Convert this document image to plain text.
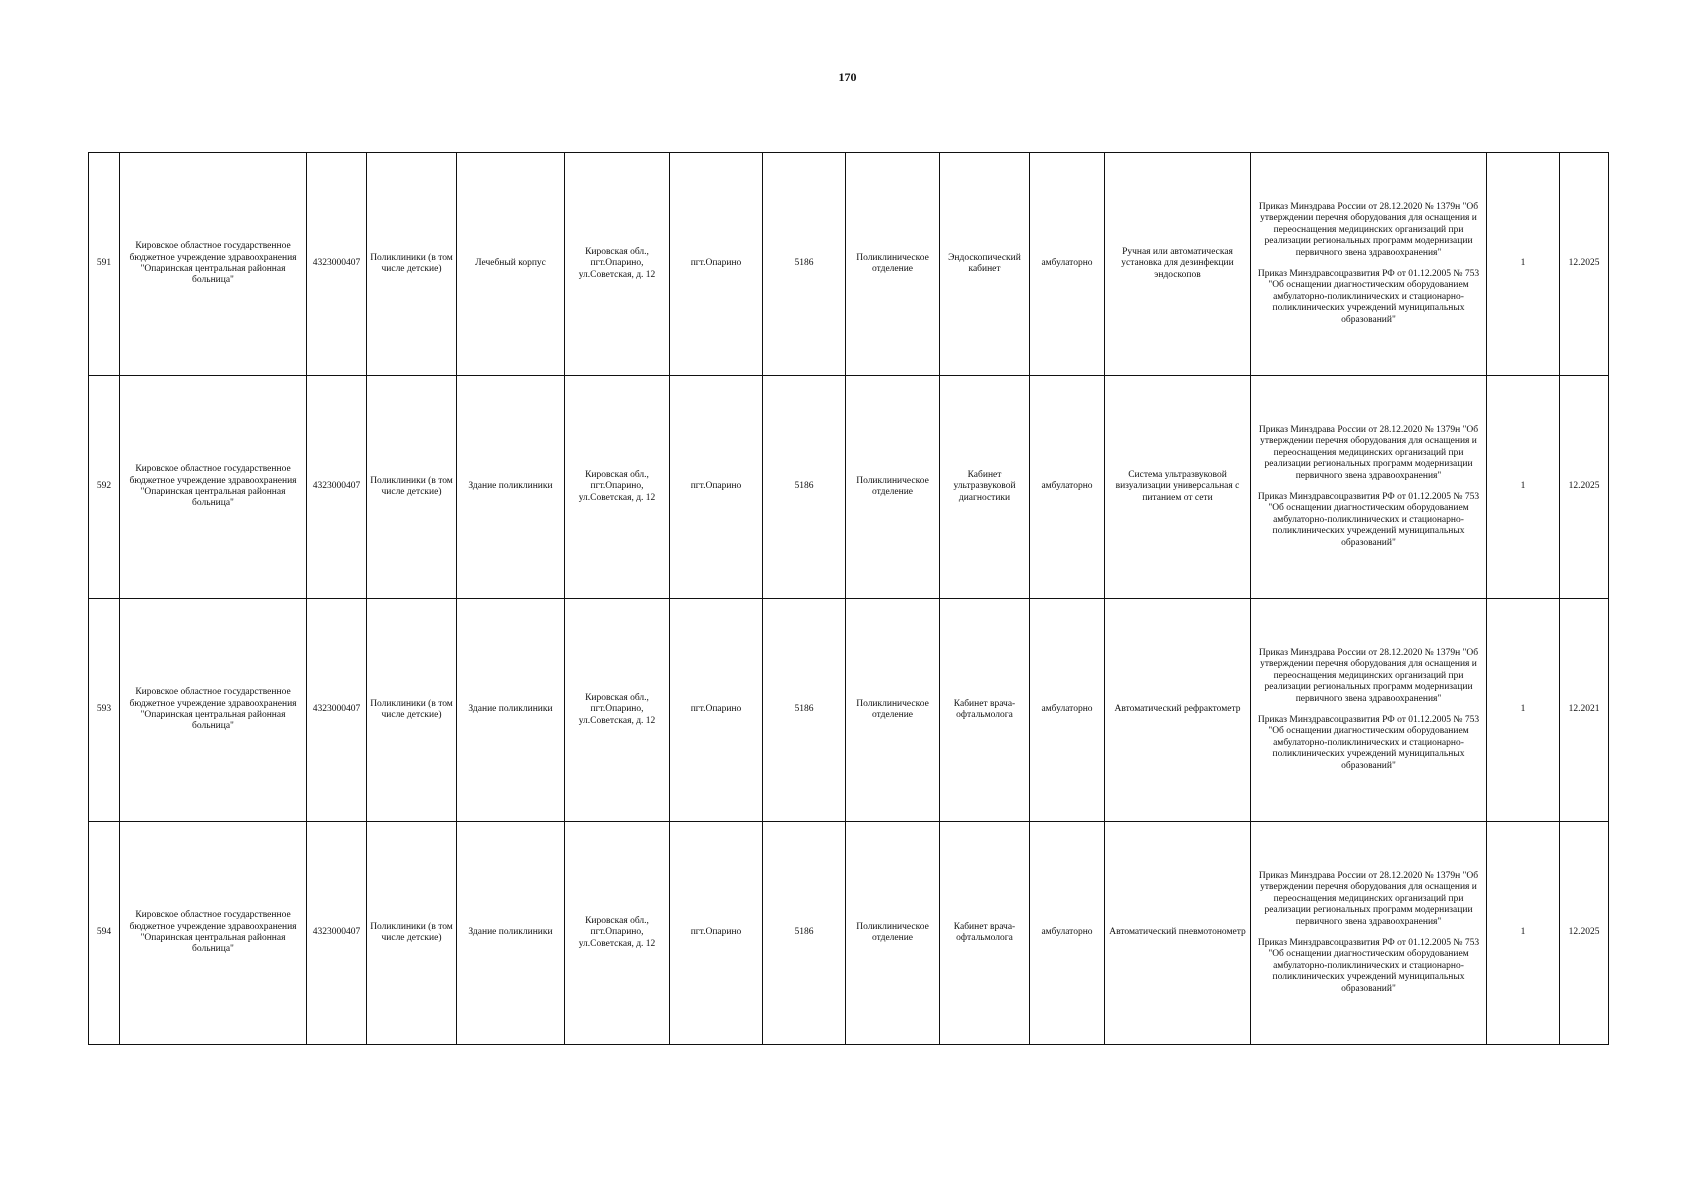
170
591	Кировское областное государственное бюджетное учреждение здравоохранения "Опаринская центральная районная больница"	4323000407	Поликлиники (в том числе детские)	Лечебный корпус	Кировская обл., пгт.Опарино, ул.Советская, д. 12	пгт.Опарино	5186	Поликлиническое отделение	Эндоскопический кабинет	амбулаторно	Ручная или автоматическая установка для дезинфекции эндоскопов	Приказ Минздрава России от 28.12.2020 № 1379н "Об утверждении перечня оборудования для оснащения и переоснащения медицинских организаций при реализации региональных программ модернизации первичного звена здравоохранения"
Приказ Минздравсоцразвития РФ от 01.12.2005 № 753 "Об оснащении диагностическим оборудованием амбулаторно-поликлинических и стационарно-поликлинических учреждений муниципальных образований"	1	12.2025
592	Кировское областное государственное бюджетное учреждение здравоохранения "Опаринская центральная районная больница"	4323000407	Поликлиники (в том числе детские)	Здание поликлиники	Кировская обл., пгт.Опарино, ул.Советская, д. 12	пгт.Опарино	5186	Поликлиническое отделение	Кабинет ультразвуковой диагностики	амбулаторно	Система ультразвуковой визуализации универсальная с питанием от сети	Приказ Минздрава России от 28.12.2020 № 1379н "Об утверждении перечня оборудования для оснащения и переоснащения медицинских организаций при реализации региональных программ модернизации первичного звена здравоохранения"
Приказ Минздравсоцразвития РФ от 01.12.2005 № 753 "Об оснащении диагностическим оборудованием амбулаторно-поликлинических и стационарно-поликлинических учреждений муниципальных образований"	1	12.2025
593	Кировское областное государственное бюджетное учреждение здравоохранения "Опаринская центральная районная больница"	4323000407	Поликлиники (в том числе детские)	Здание поликлиники	Кировская обл., пгт.Опарино, ул.Советская, д. 12	пгт.Опарино	5186	Поликлиническое отделение	Кабинет врача-офтальмолога	амбулаторно	Автоматический рефрактометр	Приказ Минздрава России от 28.12.2020 № 1379н "Об утверждении перечня оборудования для оснащения и переоснащения медицинских организаций при реализации региональных программ модернизации первичного звена здравоохранения"
Приказ Минздравсоцразвития РФ от 01.12.2005 № 753 "Об оснащении диагностическим оборудованием амбулаторно-поликлинических и стационарно-поликлинических учреждений муниципальных образований"	1	12.2021
594	Кировское областное государственное бюджетное учреждение здравоохранения "Опаринская центральная районная больница"	4323000407	Поликлиники (в том числе детские)	Здание поликлиники	Кировская обл., пгт.Опарино, ул.Советская, д. 12	пгт.Опарино	5186	Поликлиническое отделение	Кабинет врача-офтальмолога	амбулаторно	Автоматический пневмотонометр	Приказ Минздрава России от 28.12.2020 № 1379н "Об утверждении перечня оборудования для оснащения и переоснащения медицинских организаций при реализации региональных программ модернизации первичного звена здравоохранения"
Приказ Минздравсоцразвития РФ от 01.12.2005 № 753 "Об оснащении диагностическим оборудованием амбулаторно-поликлинических и стационарно-поликлинических учреждений муниципальных образований"	1	12.2025
